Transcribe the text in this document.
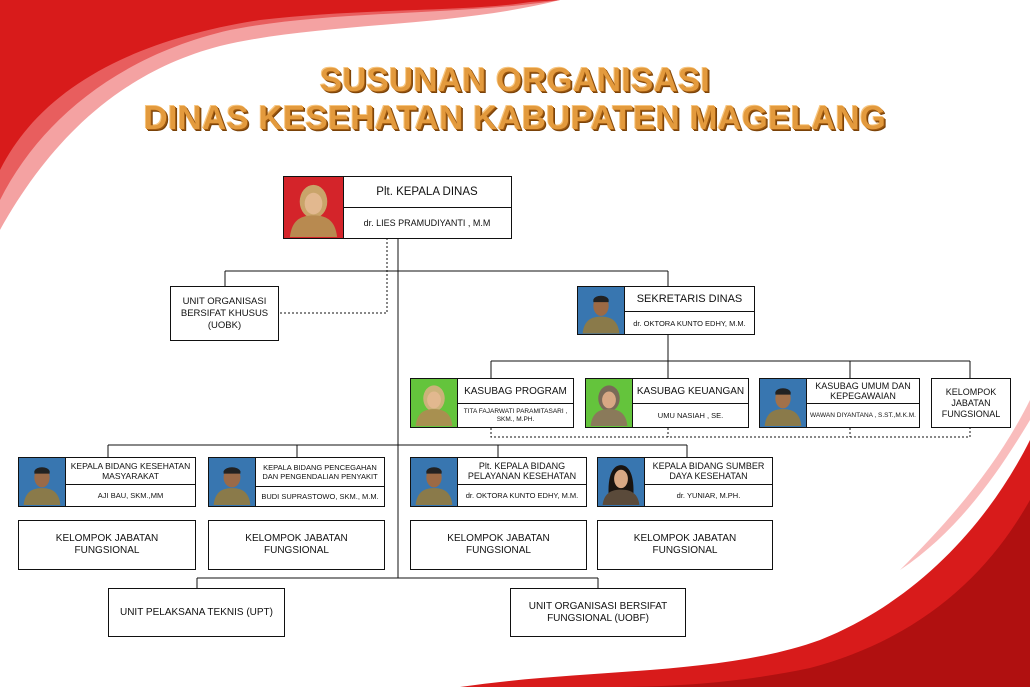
SUSUNAN ORGANISASI
DINAS KESEHATAN KABUPATEN MAGELANG
Plt. KEPALA DINAS
dr. LIES PRAMUDIYANTI , M.M
UNIT ORGANISASI BERSIFAT KHUSUS (UOBK)
SEKRETARIS DINAS
dr. OKTORA KUNTO EDHY, M.M.
KASUBAG PROGRAM
TITA FAJARWATI PARAMITASARI , SKM., M.PH.
KASUBAG KEUANGAN
UMU NASIAH , SE.
KASUBAG UMUM DAN KEPEGAWAIAN
WAWAN DIYANTANA , S.ST.,M.K.M.
KELOMPOK JABATAN FUNGSIONAL
KEPALA BIDANG KESEHATAN MASYARAKAT
AJI BAU, SKM.,MM
KEPALA BIDANG PENCEGAHAN DAN PENGENDALIAN PENYAKIT
BUDI SUPRASTOWO, SKM., M.M.
Plt. KEPALA BIDANG PELAYANAN KESEHATAN
dr. OKTORA KUNTO EDHY, M.M.
KEPALA BIDANG SUMBER DAYA KESEHATAN
dr. YUNIAR, M.PH.
KELOMPOK JABATAN FUNGSIONAL
KELOMPOK JABATAN FUNGSIONAL
KELOMPOK JABATAN FUNGSIONAL
KELOMPOK JABATAN FUNGSIONAL
UNIT PELAKSANA TEKNIS (UPT)
UNIT ORGANISASI BERSIFAT FUNGSIONAL (UOBF)
